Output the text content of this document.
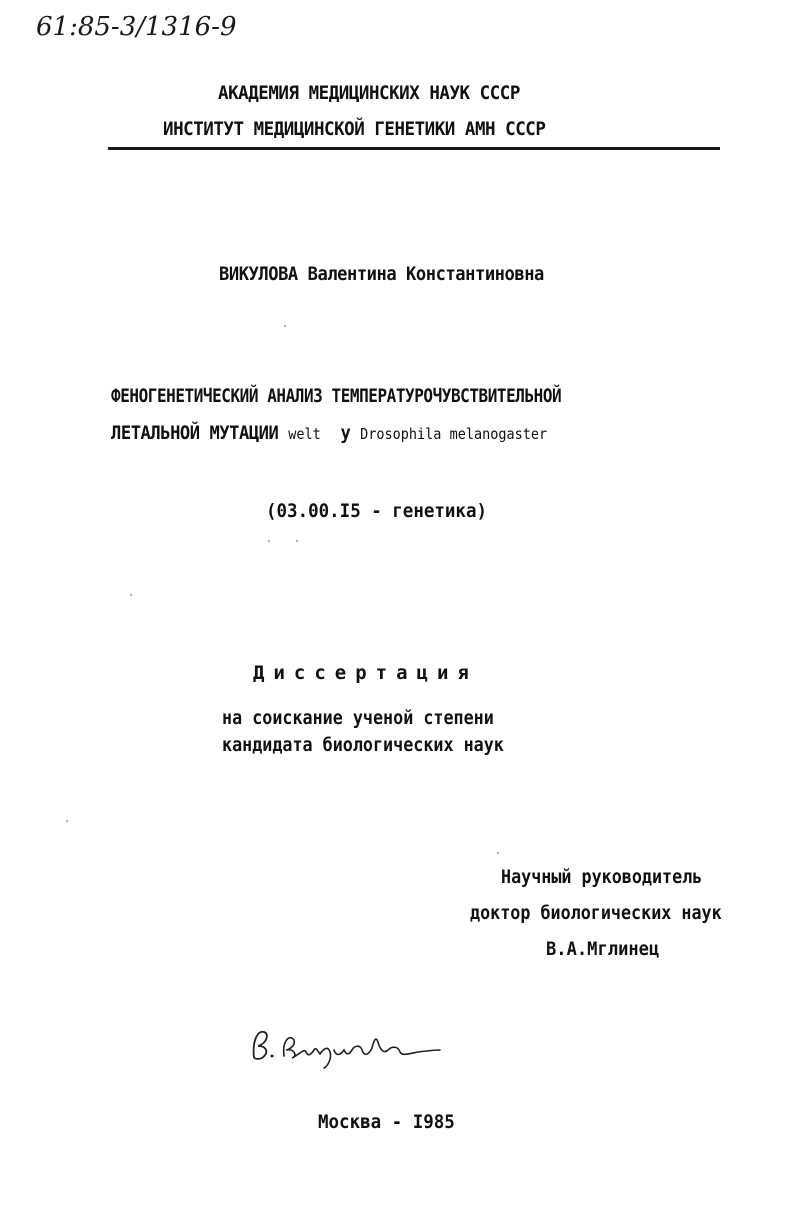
61:85-3/1316-9
АКАДЕМИЯ МЕДИЦИНСКИХ НАУК СССР
ИНСТИТУТ МЕДИЦИНСКОЙ ГЕНЕТИКИ АМН СССР
ВИКУЛОВА Валентина Константиновна
ФЕНОГЕНЕТИЧЕСКИЙ АНАЛИЗ ТЕМПЕРАТУРОЧУВСТВИТЕЛЬНОЙ
ЛЕТАЛЬНОЙ МУТАЦИИ welt у Drosophila melanogaster
(03.00.I5 - генетика)
Диссертация
на соискание ученой степени
кандидата биологических наук
Научный руководитель
доктор биологических наук
В.А.Мглинец
Москва - I985
